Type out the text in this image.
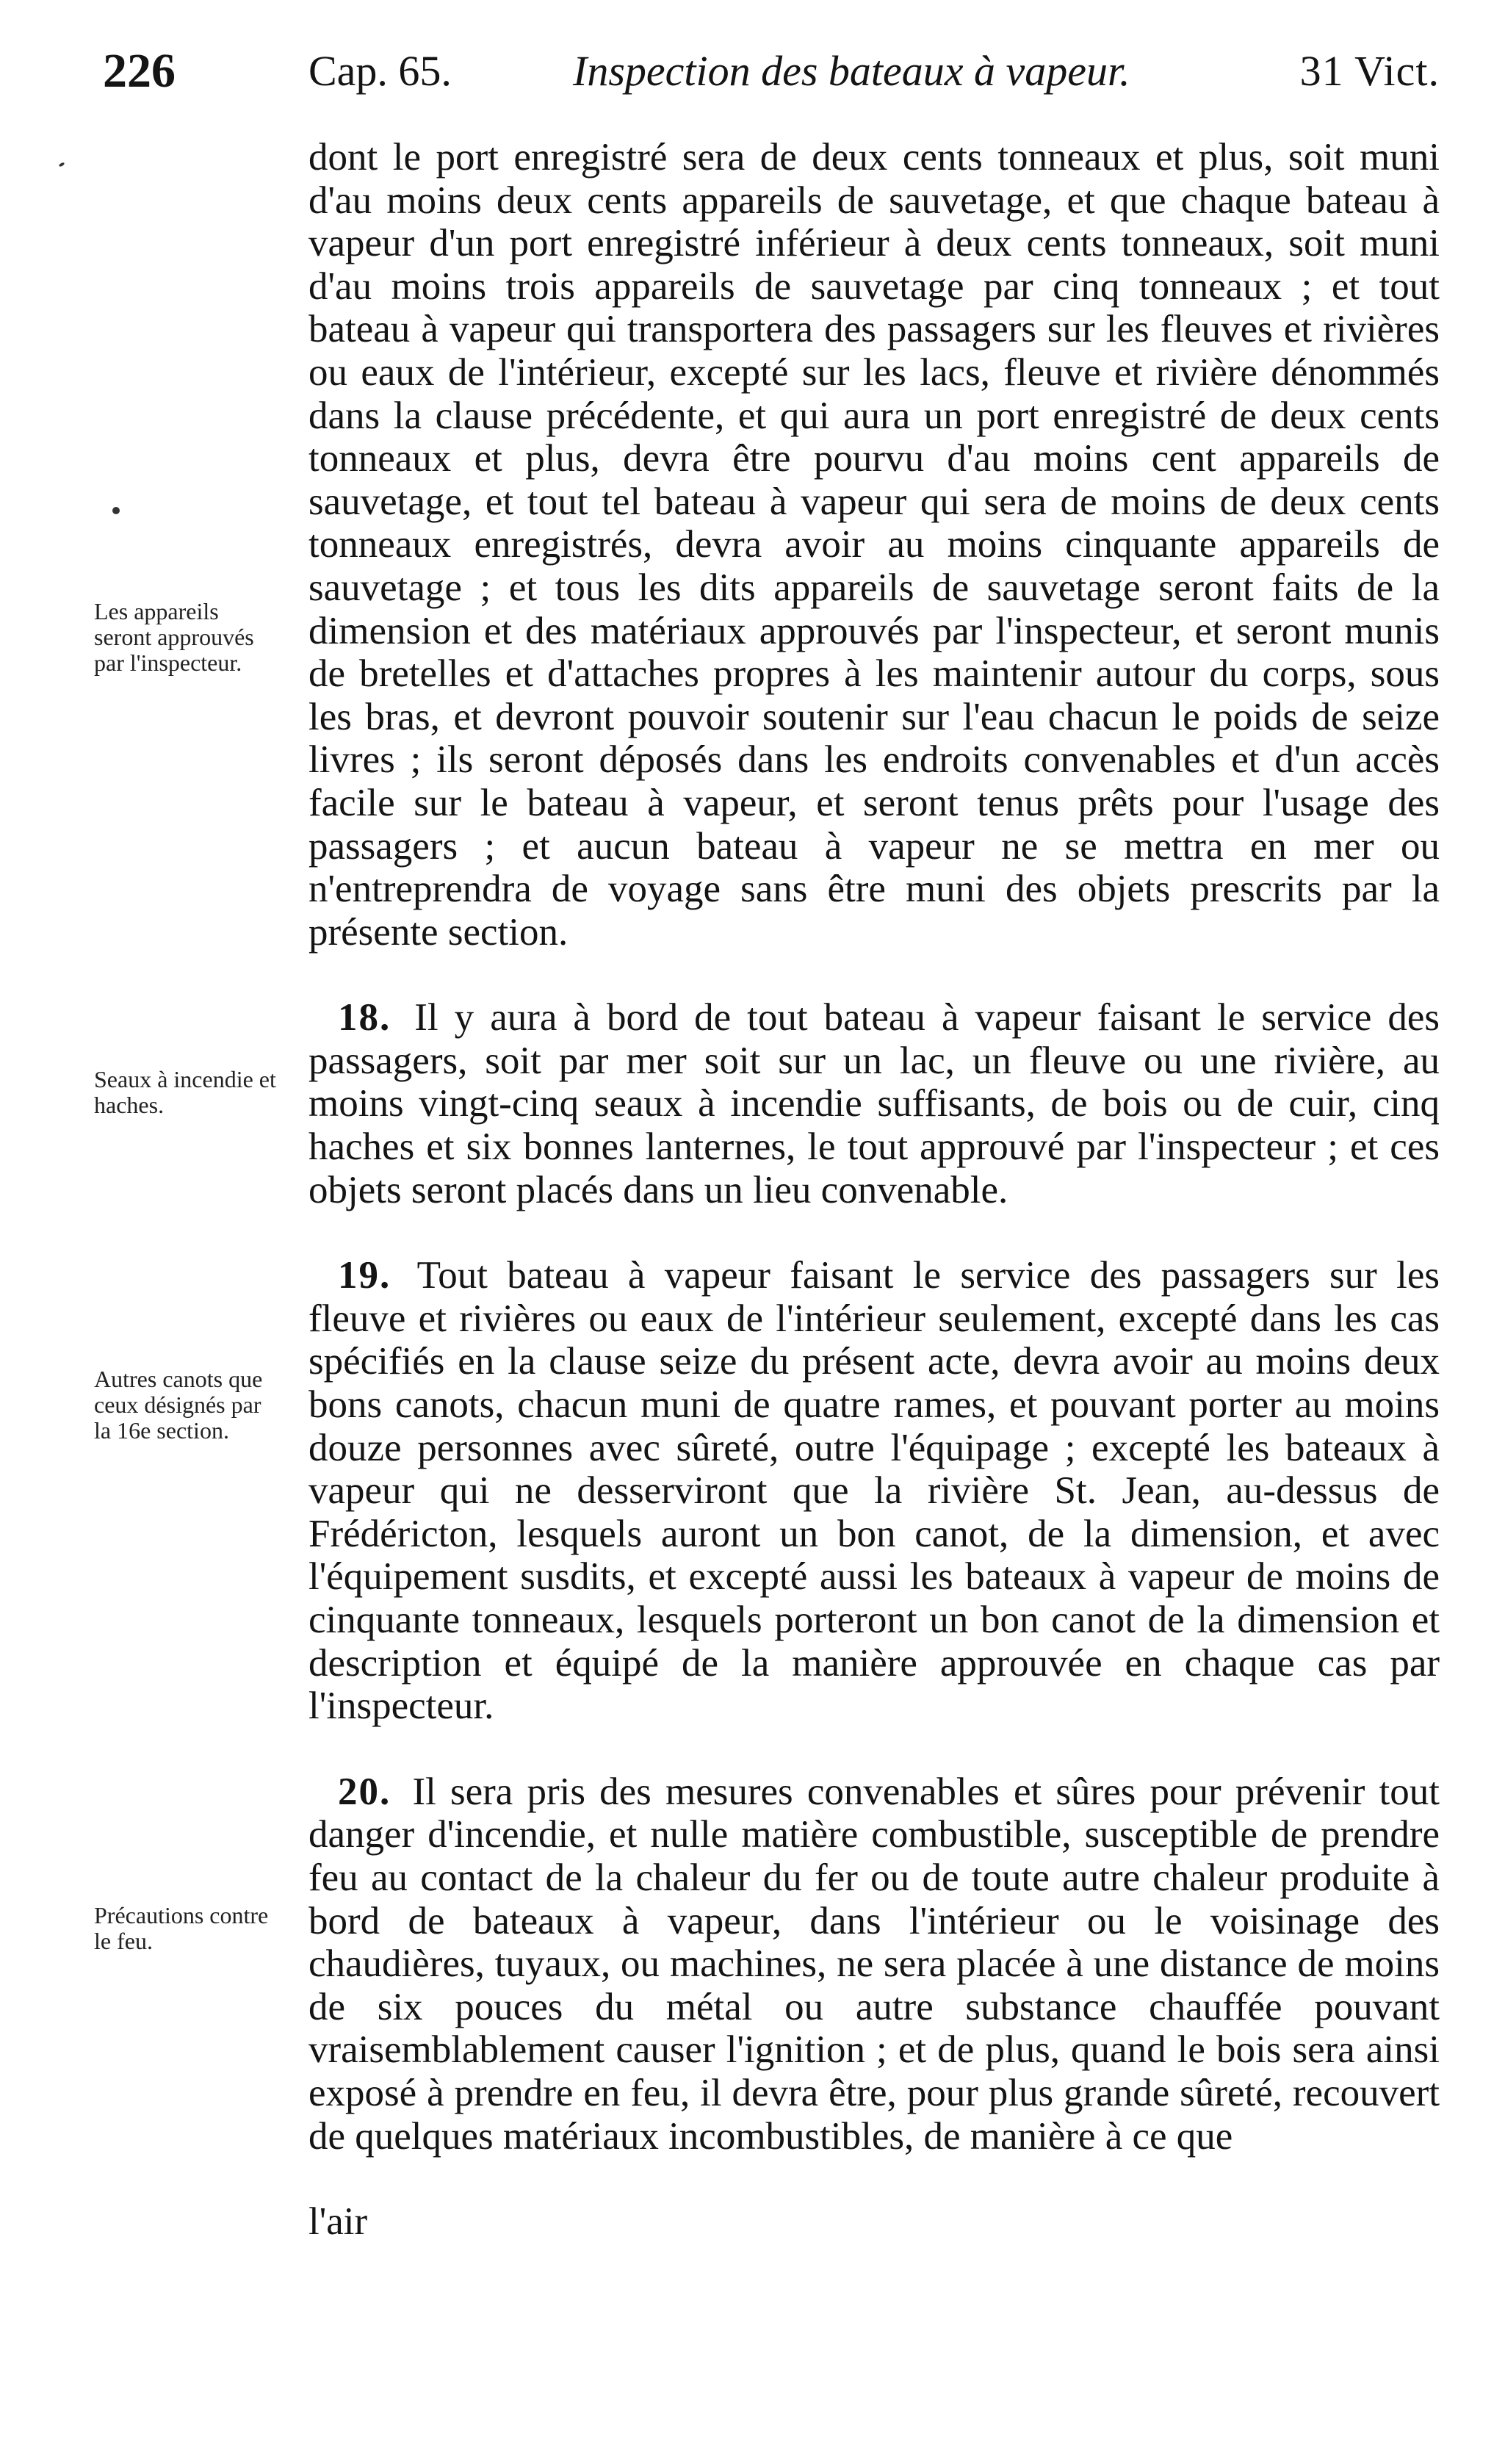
226	Cap. 65.	Inspection des bateaux à vapeur.	31 Vict.
Les appareils seront approuvés par l'inspecteur.
Seaux à incendie et haches.
Autres canots que ceux désignés par la 16e section.
Précautions contre le feu.

dont le port enregistré sera de deux cents tonneaux et plus, soit muni d'au moins deux cents appareils de sauvetage, et que chaque bateau à vapeur d'un port enregistré inférieur à deux cents tonneaux, soit muni d'au moins trois appareils de sauvetage par cinq tonneaux ; et tout bateau à vapeur qui transportera des passagers sur les fleuves et rivières ou eaux de l'intérieur, excepté sur les lacs, fleuve et rivière dénommés dans la clause précédente, et qui aura un port enregistré de deux cents tonneaux et plus, devra être pourvu d'au moins cent appareils de sauvetage, et tout tel bateau à vapeur qui sera de moins de deux cents tonneaux enregistrés, devra avoir au moins cinquante appareils de sauvetage ; et tous les dits appareils de sauvetage seront faits de la dimension et des matériaux approuvés par l'inspecteur, et seront munis de bretelles et d'attaches propres à les maintenir autour du corps, sous les bras, et devront pouvoir soutenir sur l'eau chacun le poids de seize livres ; ils seront déposés dans les endroits convenables et d'un accès facile sur le bateau à vapeur, et seront tenus prêts pour l'usage des passagers ; et aucun bateau à vapeur ne se mettra en mer ou n'entreprendra de voyage sans être muni des objets prescrits par la présente section.

18. Il y aura à bord de tout bateau à vapeur faisant le service des passagers, soit par mer soit sur un lac, un fleuve ou une rivière, au moins vingt-cinq seaux à incendie suffisants, de bois ou de cuir, cinq haches et six bonnes lanternes, le tout approuvé par l'inspecteur ; et ces objets seront placés dans un lieu convenable.

19. Tout bateau à vapeur faisant le service des passagers sur les fleuve et rivières ou eaux de l'intérieur seulement, excepté dans les cas spécifiés en la clause seize du présent acte, devra avoir au moins deux bons canots, chacun muni de quatre rames, et pouvant porter au moins douze personnes avec sûreté, outre l'équipage ; excepté les bateaux à vapeur qui ne desserviront que la rivière St. Jean, au-dessus de Frédéricton, lesquels auront un bon canot, de la dimension, et avec l'équipement susdits, et excepté aussi les bateaux à vapeur de moins de cinquante tonneaux, lesquels porteront un bon canot de la dimension et description et équipé de la manière approuvée en chaque cas par l'inspecteur.

20. Il sera pris des mesures convenables et sûres pour prévenir tout danger d'incendie, et nulle matière combustible, susceptible de prendre feu au contact de la chaleur du fer ou de toute autre chaleur produite à bord de bateaux à vapeur, dans l'intérieur ou le voisinage des chaudières, tuyaux, ou machines, ne sera placée à une distance de moins de six pouces du métal ou autre substance chauffée pouvant vraisemblablement causer l'ignition ; et de plus, quand le bois sera ainsi exposé à prendre en feu, il devra être, pour plus grande sûreté, recouvert de quelques matériaux incombustibles, de manière à ce que

l'air
